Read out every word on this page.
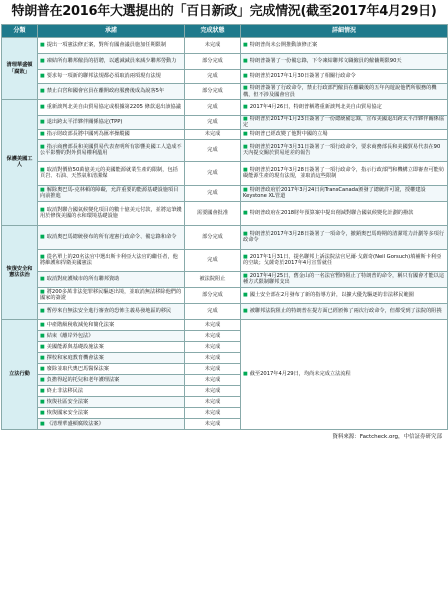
特朗普在2016年大選提出的「百日新政」完成情況(截至2017年4月29日)
分類	承諾	完成狀態	詳細情況
清理華盛頓「腐敗」	■ 提出一項憲法修正案，對所有國會議員施加任期限制	未完成	■ 特朗普尚未公開推動該修正案
	■ 凍結所有聯邦僱員的招聘，以遞減減員來減少聯邦勞動力	部分完成	■ 特朗普簽署了一份備忘錄，下令凍結聯邦文職僱員的僱傭期限90天
	■ 要求每一項新的聯邦法規都必須取消兩項現有法規	完成	■ 特朗普於2017年1月30日簽署了相關行政命令
	■ 禁止白宮和國會官員在離開政府服務後成為說客5年	部分完成	■ 特朗普簽署了行政命令，禁止行政部門僱員在離職後的五年內遊說他們所服務的機構，但不涉及國會官員
保護美國工人	■ 重新談判北美自由貿易協定或根據第2205 條款退出該協議	完成	■ 2017年4月26日，特朗普稱將重新談判北美自由貿易協定
	■ 退出跨太平洋夥伴關係協定(TPP)	完成	■ 特朗普於2017年1月23日簽署了一份總統備忘錄，宣布美國退出跨太平洋夥伴關係協定
	■ 指示財政部長將中國列為匯率操縱國	未完成	■ 特朗普已經改變了他對中國的立場
	■ 指示商務部長和美國貿易代表查明所有影響美國工人造成不公平影響的對外貿易權利濫用	完成	■ 特朗普於2017年3月31日簽署了一項行政命令，要求商務部長和美國貿易代表在90天內提交關於貿易逆差的報告
	■ 取消對價值50萬億美元的美國能源就業生產的限制，包括頁岩、石油、天然氣和清潔煤	完成	■ 特朗普於2017年3月28日簽署了一項行政命令，指示行政部門和機構立即審查可能妨礙能源生產的現有法規，並取消這些限制
	■ 解除奧巴馬-克林頓的障礙，允許重要的能源基礎設施項目向前推進	完成	■ 特朗普政府於2017年3月24日向TransCanada頒發了總統許可證，授權建設Keystone XL管道
	■ 取消對聯合國氣候變化項目的數十億美元付款，並將這筆錢用於修復美國的水和環境基礎設施	需要國會批准	■ 特朗普政府在2018財年預算案中提出削減對聯合國氣候變化計劃的撥款
恢復安全和憲法法治	■ 取消奧巴馬總統發布的所有違憲行政命令、備忘錄和命令	部分完成	■ 特朗普於2017年3月28日簽署了一項命令，撤銷奧巴馬時期的清潔電力計劃等多項行政命令
	■ 從名單上的20名法官中選出斯卡利亞大法官的繼任者，他將維護和捍衛美國憲法	完成	■ 2017年1月31日，提名聯邦上訴法院法官尼爾·戈薩奇(Neil Gorsuch)填補斯卡利亞的空缺；戈薩奇於2017年4月宣誓就任
	■ 取消對庇護城市的所有聯邦資助	被法院阻止	■ 2017年4月25日，舊金山的一名法官暫時阻止了特朗普的命令，稱只有國會才能以這種方式限制聯邦支出
	■ 將200多萬非法犯罪移民驅逐出境，並取消無法移除他們的國家的簽證	部分完成	■ 國土安全部在2月發布了新的指導方針，以擴大優先驅逐的非法移民範圍
	■ 暫停來自無法安全進行審查的恐怖主義易發地區的移民	完成	■ 被聯邦法院阻止的特朗普在提方面已經頒佈了兩次行政命令，但都受到了法院的阻撓
立法行動	■ 中產階級稅收減免和簡化法案	未完成	■ 截至2017年4月29日，均尚未完成立法流程
	■ 結束《離岸外包法》	未完成	
	■ 美國能源與基礎設施法案	未完成	
	■ 擇校和家庭教育機會法案	未完成	
	■ 廢除並取代奧巴馬醫保法案	未完成	
	■ 負擔得起的托兒和老年護理法案	未完成	
	■ 終止非法移民法	未完成	
	■ 恢復社區安全法案	未完成	
	■ 恢復國家安全法案	未完成	
	■ 《清理華盛頓腐敗法案》	未完成	
資料來源：Factcheck.org，中信証券研究部
